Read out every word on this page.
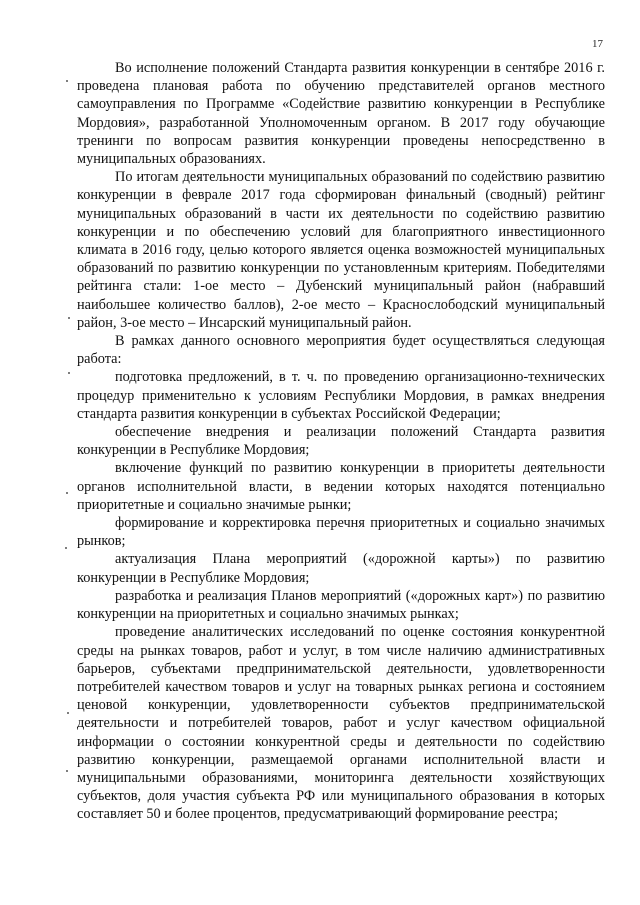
17

Во исполнение положений Стандарта развития конкуренции в сентябре 2016 г. проведена плановая работа по обучению представителей органов местного самоуправления по Программе «Содействие развитию конкуренции в Республике Мордовия», разработанной Уполномоченным органом. В 2017 году обучающие тренинги по вопросам развития конкуренции проведены непосредственно в муниципальных образованиях.

По итогам деятельности муниципальных образований по содействию развитию конкуренции в феврале 2017 года сформирован финальный (сводный) рейтинг муниципальных образований в части их деятельности по содействию развитию конкуренции и по обеспечению условий для благоприятного инвестиционного климата в 2016 году, целью которого является оценка возможностей муниципальных образований по развитию конкуренции по установленным критериям. Победителями рейтинга стали: 1-ое место – Дубенский муниципальный район (набравший наибольшее количество баллов), 2-ое место – Краснослободский муниципальный район, 3-ое место – Инсарский муниципальный район.

В рамках данного основного мероприятия будет осуществляться следующая работа:

подготовка предложений, в т. ч. по проведению организационно-технических процедур применительно к условиям Республики Мордовия, в рамках внедрения стандарта развития конкуренции в субъектах Российской Федерации;

обеспечение внедрения и реализации положений Стандарта развития конкуренции в Республике Мордовия;

включение функций по развитию конкуренции в приоритеты деятельности органов исполнительной власти, в ведении которых находятся потенциально приоритетные и социально значимые рынки;

формирование и корректировка перечня приоритетных и социально значимых рынков;

актуализация Плана мероприятий («дорожной карты») по развитию конкуренции в Республике Мордовия;

разработка и реализация Планов мероприятий («дорожных карт») по развитию конкуренции на приоритетных и социально значимых рынках;

проведение аналитических исследований по оценке состояния конкурентной среды на рынках товаров, работ и услуг, в том числе наличию административных барьеров, субъектами предпринимательской деятельности, удовлетворенности потребителей качеством товаров и услуг на товарных рынках региона и состоянием ценовой конкуренции, удовлетворенности субъектов предпринимательской деятельности и потребителей товаров, работ и услуг качеством официальной информации о состоянии конкурентной среды и деятельности по содействию развитию конкуренции, размещаемой органами исполнительной власти и муниципальными образованиями, мониторинга деятельности хозяйствующих субъектов, доля участия субъекта РФ или муниципального образования в которых составляет 50 и более процентов, предусматривающий формирование реестра;
